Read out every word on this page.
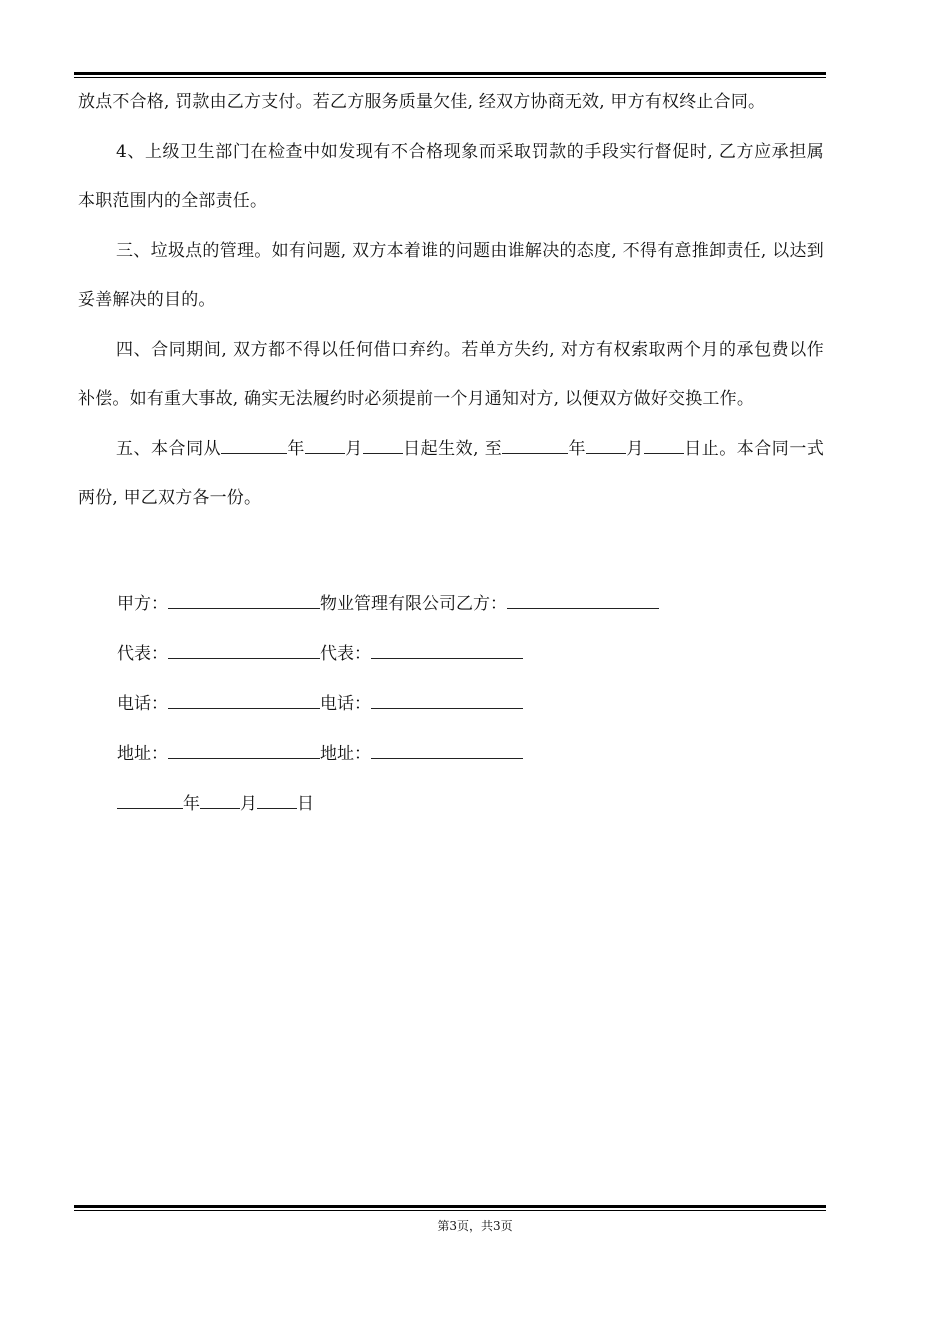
放点不合格, 罚款由乙方支付。若乙方服务质量欠佳, 经双方协商无效, 甲方有权终止合同。

4、上级卫生部门在检查中如发现有不合格现象而采取罚款的手段实行督促时, 乙方应承担属本职范围内的全部责任。

三、垃圾点的管理。如有问题, 双方本着谁的问题由谁解决的态度, 不得有意推卸责任, 以达到妥善解决的目的。

四、合同期间, 双方都不得以任何借口弃约。若单方失约, 对方有权索取两个月的承包费以作补偿。如有重大事故, 确实无法履约时必须提前一个月通知对方, 以便双方做好交换工作。

五、本合同从	年 月 日起生效, 至	年 月 日止。本合同一式两份, 甲乙双方各一份。

甲方：	物业管理有限公司乙方：
代表：	代表：
电话：	电话：
地址：	地址：
年 月 日
第3页，共3页
